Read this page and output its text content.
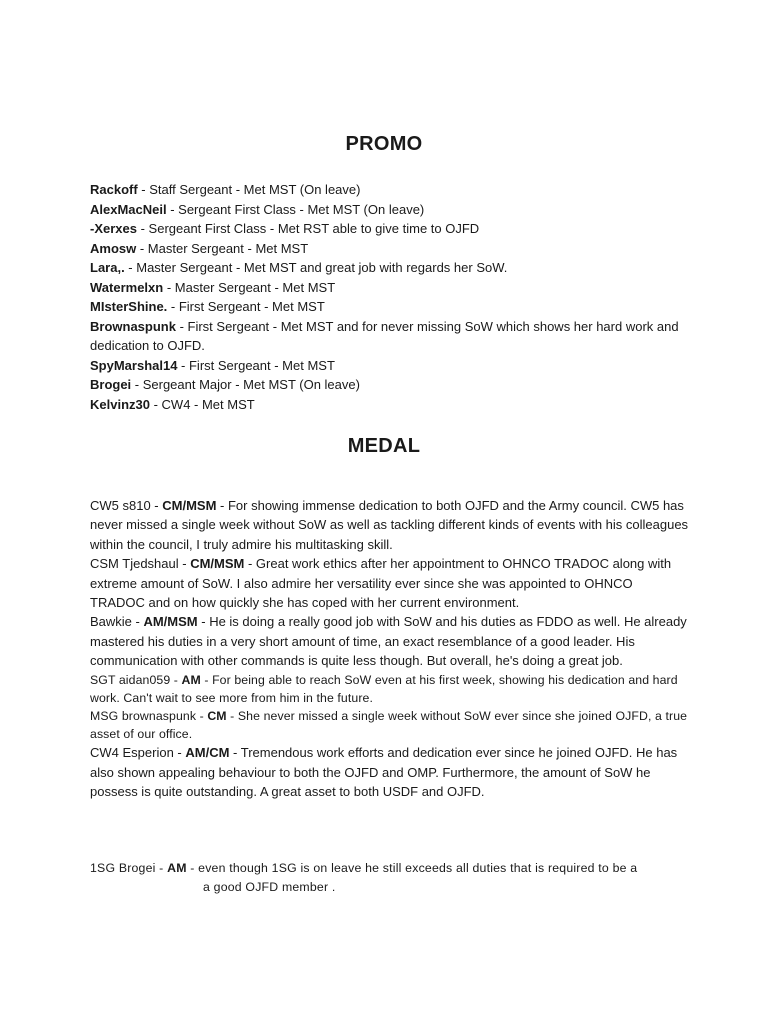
PROMO
Rackoff - Staff Sergeant - Met MST (On leave)
AlexMacNeil - Sergeant First Class - Met MST (On leave)
-Xerxes - Sergeant First Class - Met RST able to give time to OJFD
Amosw - Master Sergeant - Met MST
Lara,. - Master Sergeant - Met MST and great job with regards her SoW.
Watermelxn - Master Sergeant - Met MST
MIsterShine. - First Sergeant - Met MST
Brownaspunk - First Sergeant - Met MST and for never missing SoW which shows her hard work and dedication to OJFD.
SpyMarshal14 - First Sergeant - Met MST
Brogei - Sergeant Major - Met MST (On leave)
Kelvinz30 - CW4 - Met MST
MEDAL
CW5 s810 - CM/MSM - For showing immense dedication to both OJFD and the Army council. CW5 has never missed a single week without SoW as well as tackling different kinds of events with his colleagues within the council, I truly admire his multitasking skill.
CSM Tjedshaul - CM/MSM - Great work ethics after her appointment to OHNCO TRADOC along with extreme amount of SoW. I also admire her versatility ever since she was appointed to OHNCO TRADOC and on how quickly she has coped with her current environment.
Bawkie - AM/MSM - He is doing a really good job with SoW and his duties as FDDO as well. He already mastered his duties in a very short amount of time, an exact resemblance of a good leader. His communication with other commands is quite less though. But overall, he's doing a great job.
SGT aidan059 - AM - For being able to reach SoW even at his first week, showing his dedication and hard work. Can't wait to see more from him in the future.
MSG brownaspunk - CM - She never missed a single week without SoW ever since she joined OJFD, a true asset of our office.
CW4 Esperion - AM/CM - Tremendous work efforts and dedication ever since he joined OJFD. He has also shown appealing behaviour to both the OJFD and OMP. Furthermore, the amount of SoW he possess is quite outstanding. A great asset to both USDF and OJFD.
1SG Brogei - AM - even though 1SG is on leave he still exceeds all duties that is required to be a
a good OJFD member .
